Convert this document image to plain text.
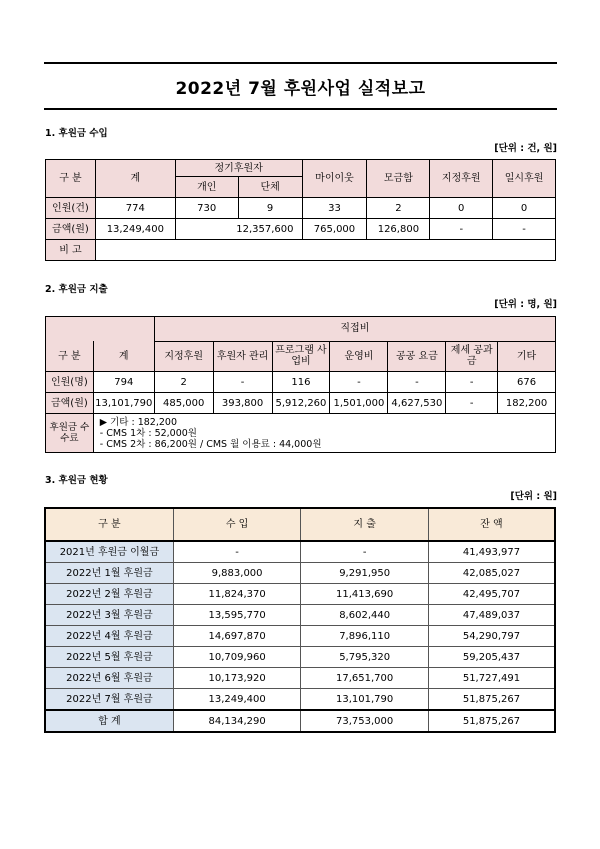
2022년 7월 후원사업 실적보고
1. 후원금 수입
[단위 : 건, 원]
구 분	계	정기후원자		마이이웃	모금함	지정후원	일시후원
		개인	단체				
인원(건)	774	730	9	33	2	0	0
금액(원)	13,249,400	12,357,600		765,000	126,800	-	-
비 고							
2. 후원금 지출
[단위 : 명, 원]
		직접비						
구 분	계	지정후원	후원자 관리	프로그램 사업비	운영비	공공 요금	제세 공과금	기타
인원(명)	794	2	-	116	-	-	-	676
금액(원)	13,101,790	485,000	393,800	5,912,260	1,501,000	4,627,530	-	182,200
후원금 수수료	▶ 기타 : 182,200
- CMS 1차 : 52,000원
- CMS 2차 : 86,200원 / CMS 월 이용료 : 44,000원							
3. 후원금 현황
[단위 : 원]
구 분	수 입	지 출	잔 액
2021년 후원금 이월금	-	-	41,493,977
2022년 1월 후원금	9,883,000	9,291,950	42,085,027
2022년 2월 후원금	11,824,370	11,413,690	42,495,707
2022년 3월 후원금	13,595,770	8,602,440	47,489,037
2022년 4월 후원금	14,697,870	7,896,110	54,290,797
2022년 5월 후원금	10,709,960	5,795,320	59,205,437
2022년 6월 후원금	10,173,920	17,651,700	51,727,491
2022년 7월 후원금	13,249,400	13,101,790	51,875,267
합 계	84,134,290	73,753,000	51,875,267
